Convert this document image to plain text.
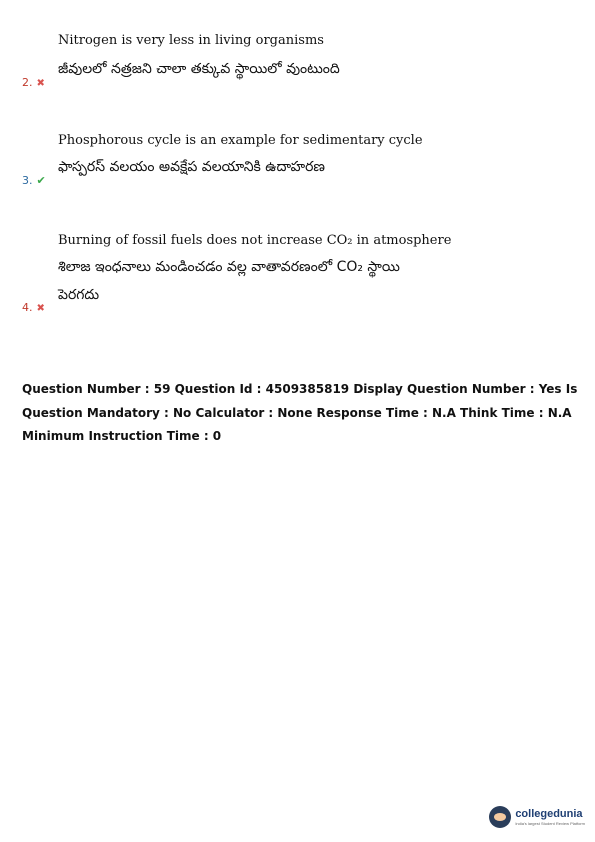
Nitrogen is very less in living organisms
జీవులలో నత్రజని చాలా తక్కువ స్థాయిలో వుంటుంది
2. ✖
Phosphorous cycle is an example for sedimentary cycle
ఫాస్పరస్ వలయం అవక్షేప వలయానికి ఉదాహరణ
3. ✔
Burning of fossil fuels does not increase CO₂ in atmosphere
శిలాజ ఇంధనాలు మండించడం వల్ల వాతావరణంలో CO₂ స్థాయి
పెరగదు
4. ✖
Question Number : 59 Question Id : 4509385819 Display Question Number : Yes Is Question Mandatory : No Calculator : None Response Time : N.A Think Time : N.A Minimum Instruction Time : 0
collegedunia
India's largest Student Review Platform
